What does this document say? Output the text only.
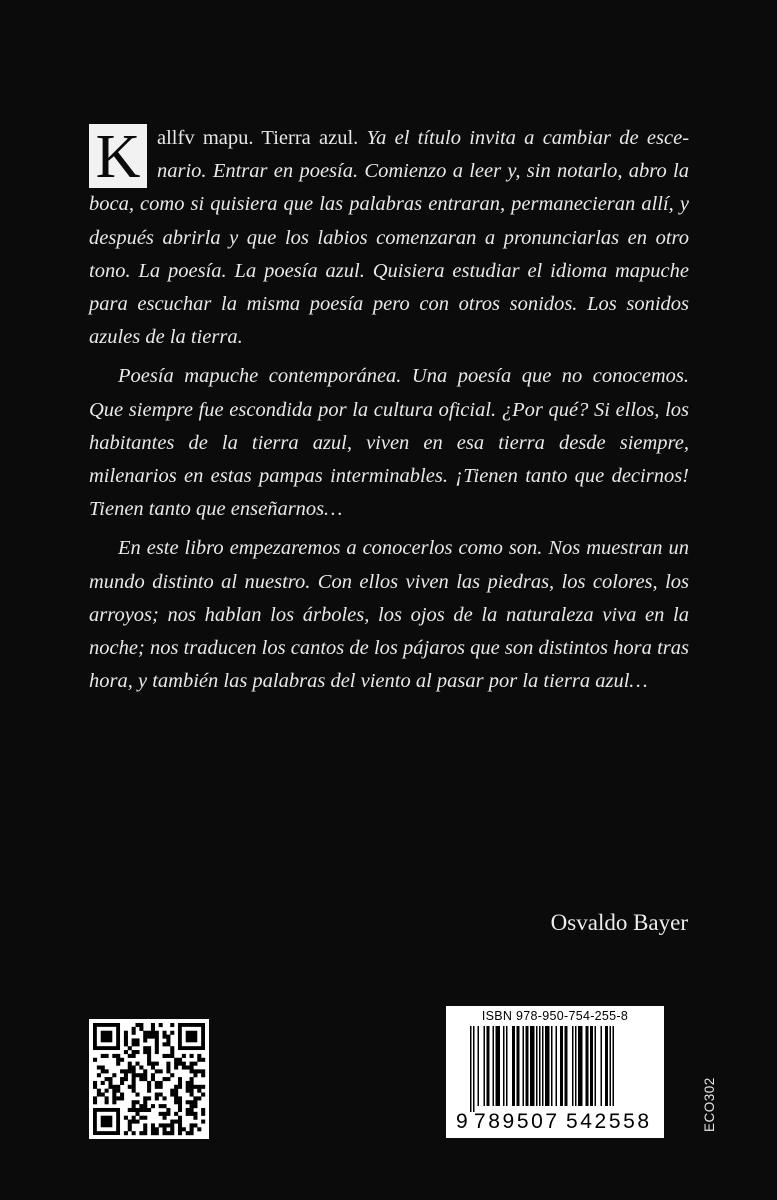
K allfv mapu. Tierra azul. Ya el título invita a cambiar de escenario. Entrar en poesía. Comienzo a leer y, sin notarlo, abro la boca, como si quisiera que las palabras entraran, permanecieran allí, y después abrirla y que los labios comenzaran a pronunciarlas en otro tono. La poesía. La poesía azul. Quisiera estudiar el idioma mapuche para escuchar la misma poesía pero con otros sonidos. Los sonidos azules de la tierra.

Poesía mapuche contemporánea. Una poesía que no conocemos. Que siempre fue escondida por la cultura oficial. ¿Por qué? Si ellos, los habitantes de la tierra azul, viven en esa tierra desde siempre, milenarios en estas pampas interminables. ¡Tienen tanto que decirnos! Tienen tanto que enseñarnos…

En este libro empezaremos a conocerlos como son. Nos muestran un mundo distinto al nuestro. Con ellos viven las piedras, los colores, los arroyos; nos hablan los árboles, los ojos de la naturaleza viva en la noche; nos traducen los cantos de los pájaros que son distintos hora tras hora, y también las palabras del viento al pasar por la tierra azul…

Osvaldo Bayer
ISBN 978-950-754-255-8
9 789507 542558	ECO302
